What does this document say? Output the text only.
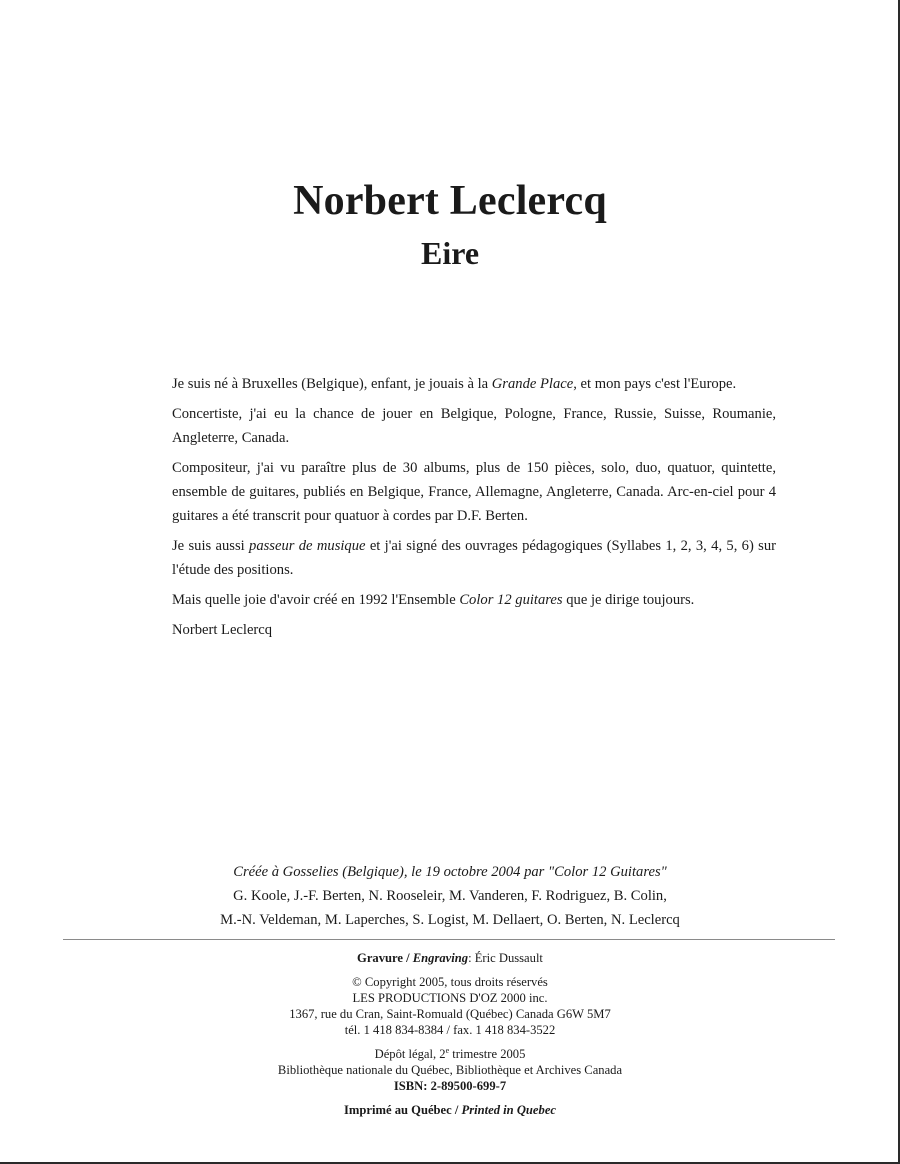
Norbert Leclercq
Eire

Je suis né à Bruxelles (Belgique), enfant, je jouais à la Grande Place, et mon pays c'est l'Europe.

Concertiste, j'ai eu la chance de jouer en Belgique, Pologne, France, Russie, Suisse, Roumanie, Angleterre, Canada.

Compositeur, j'ai vu paraître plus de 30 albums, plus de 150 pièces, solo, duo, quatuor, quintette, ensemble de guitares, publiés en Belgique, France, Allemagne, Angleterre, Canada. Arc-en-ciel pour 4 guitares a été transcrit pour quatuor à cordes par D.F. Berten.

Je suis aussi passeur de musique et j'ai signé des ouvrages pédagogiques (Syllabes 1, 2, 3, 4, 5, 6) sur l'étude des positions.

Mais quelle joie d'avoir créé en 1992 l'Ensemble Color 12 guitares que je dirige toujours.

Norbert Leclercq

Créée à Gosselies (Belgique), le 19 octobre 2004 par "Color 12 Guitares"
G. Koole, J.-F. Berten, N. Rooseleir, M. Vanderen, F. Rodriguez, B. Colin,
M.-N. Veldeman, M. Laperches, S. Logist, M. Dellaert, O. Berten, N. Leclercq
Gravure / Engraving: Éric Dussault
© Copyright 2005, tous droits réservés
LES PRODUCTIONS D'OZ 2000 inc.
1367, rue du Cran, Saint-Romuald (Québec) Canada G6W 5M7
tél. 1 418 834-8384 / fax. 1 418 834-3522
Dépôt légal, 2e trimestre 2005
Bibliothèque nationale du Québec, Bibliothèque et Archives Canada
ISBN: 2-89500-699-7
Imprimé au Québec / Printed in Quebec
